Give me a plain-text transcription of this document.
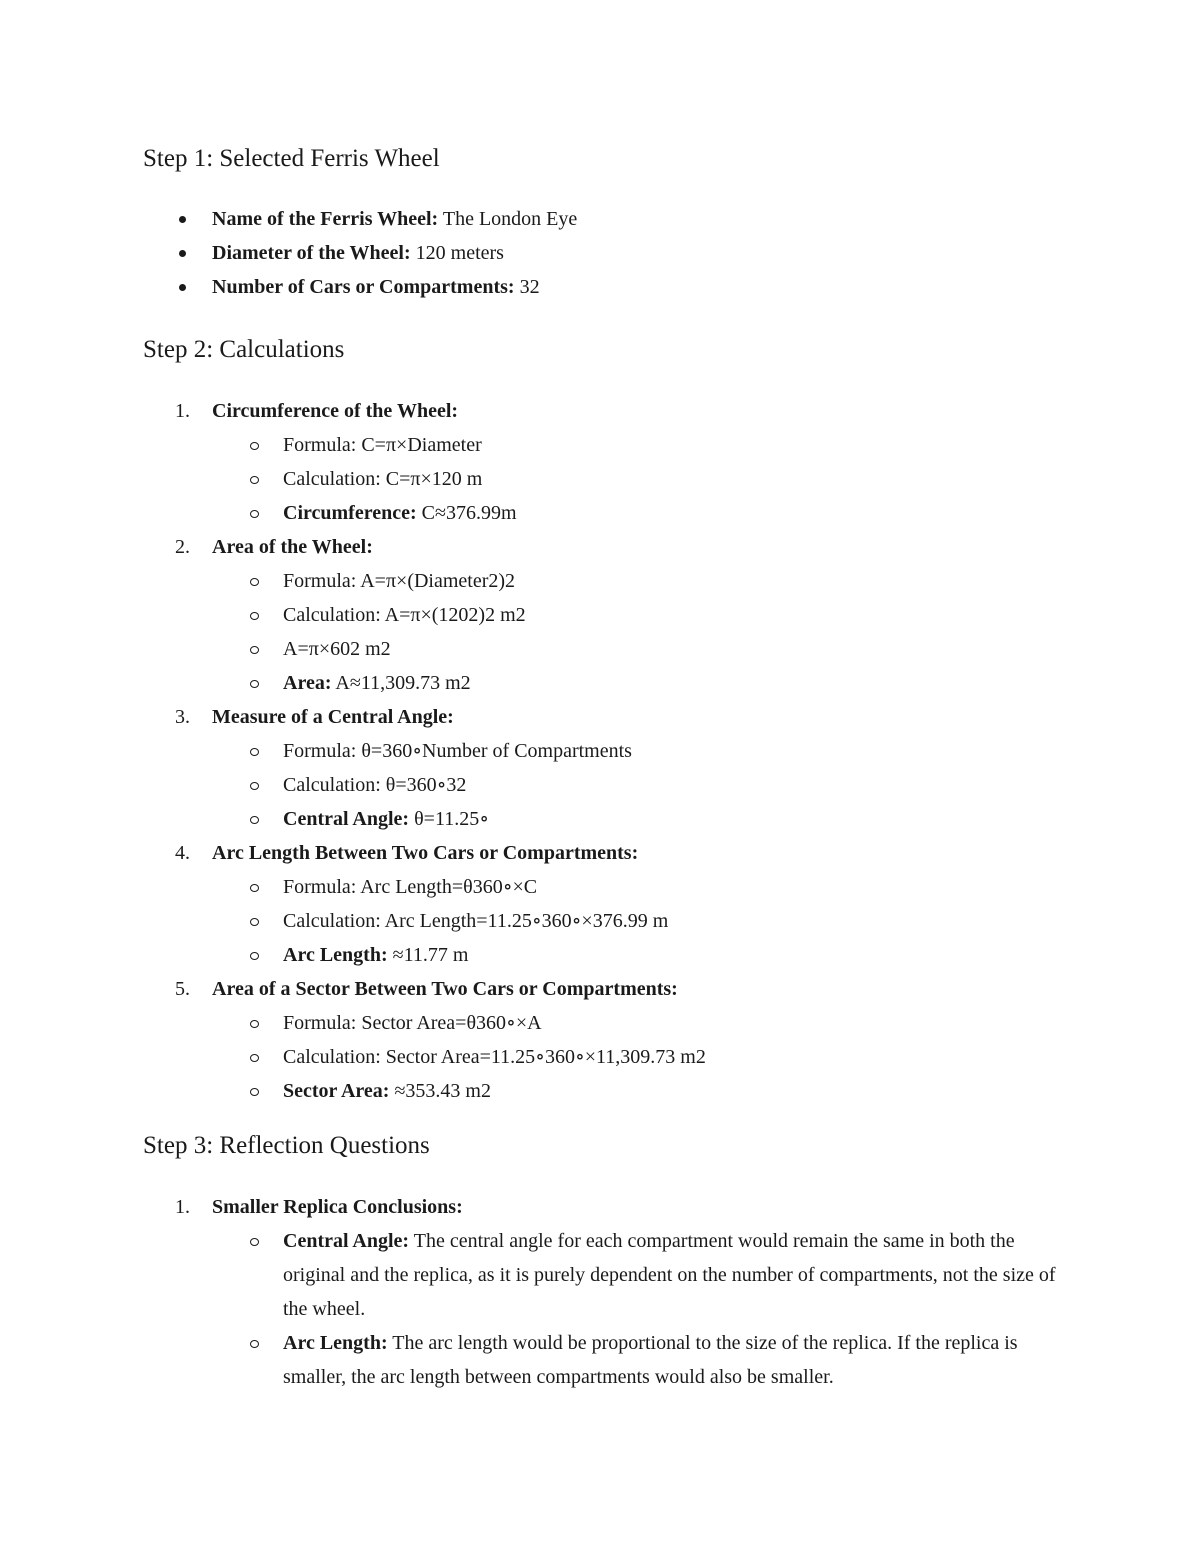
Step 1: Selected Ferris Wheel
Name of the Ferris Wheel: The London Eye
Diameter of the Wheel: 120 meters
Number of Cars or Compartments: 32
Step 2: Calculations
1. Circumference of the Wheel:
Formula: C=π×Diameter
Calculation: C=π×120 m
Circumference: C≈376.99m
2. Area of the Wheel:
Formula: A=π×(Diameter2)2
Calculation: A=π×(1202)2 m2
A=π×602 m2
Area: A≈11,309.73 m2
3. Measure of a Central Angle:
Formula: θ=360∘Number of Compartments
Calculation: θ=360∘32
Central Angle: θ=11.25∘
4. Arc Length Between Two Cars or Compartments:
Formula: Arc Length=θ360∘×C
Calculation: Arc Length=11.25∘360∘×376.99 m
Arc Length: ≈11.77 m
5. Area of a Sector Between Two Cars or Compartments:
Formula: Sector Area=θ360∘×A
Calculation: Sector Area=11.25∘360∘×11,309.73 m2
Sector Area: ≈353.43 m2
Step 3: Reflection Questions
1. Smaller Replica Conclusions:
Central Angle: The central angle for each compartment would remain the same in both the original and the replica, as it is purely dependent on the number of compartments, not the size of the wheel.
Arc Length: The arc length would be proportional to the size of the replica. If the replica is smaller, the arc length between compartments would also be smaller.
